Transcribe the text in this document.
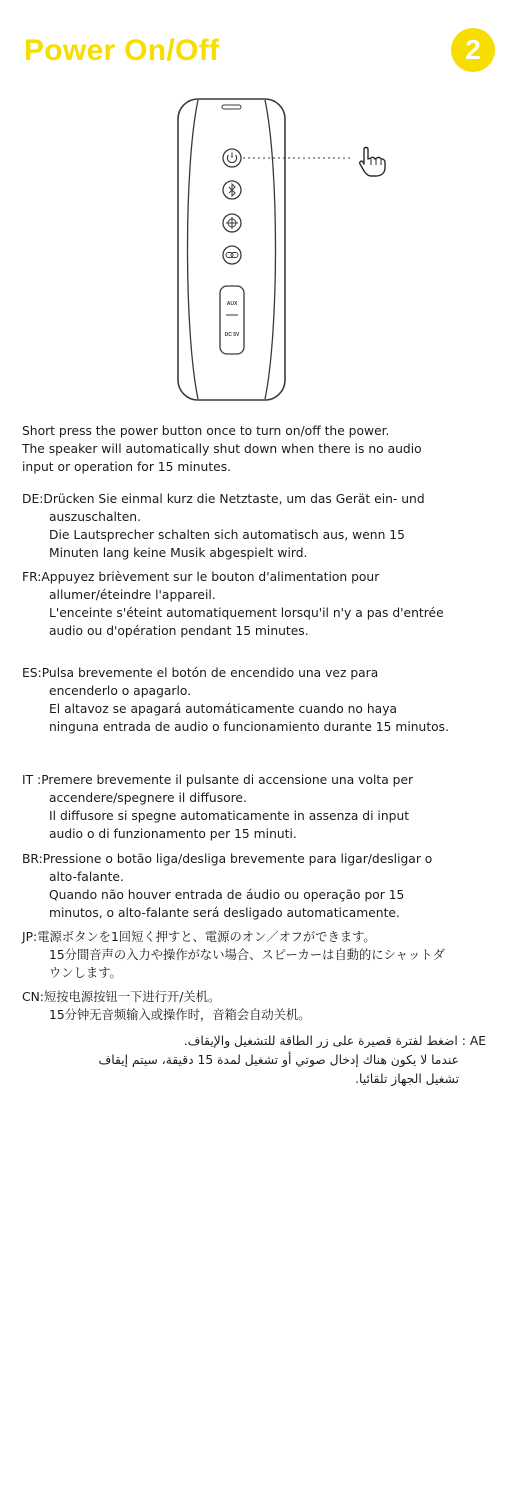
Power On/Off	2
AUX
DC 5V
Short press the power button once to turn on/off the power.
The speaker will automatically shut down when there is no audio
input or operation for 15 minutes.
DE: Drücken Sie einmal kurz die Netztaste, um das Gerät ein- und
auszuschalten.
Die Lautsprecher schalten sich automatisch aus, wenn 15
Minuten lang keine Musik abgespielt wird.
FR: Appuyez brièvement sur le bouton d'alimentation pour
allumer/éteindre l'appareil.
L'enceinte s'éteint automatiquement lorsqu'il n'y a pas d'entrée
audio ou d'opération pendant 15 minutes.
ES: Pulsa brevemente el botón de encendido una vez para
encenderlo o apagarlo.
El altavoz se apagará automáticamente cuando no haya
ninguna entrada de audio o funcionamiento durante 15 minutos.
IT : Premere brevemente il pulsante di accensione una volta per
accendere/spegnere il diffusore.
Il diffusore si spegne automaticamente in assenza di input
audio o di funzionamento per 15 minuti.
BR: Pressione o botão liga/desliga brevemente para ligar/desligar o
alto-falante.
Quando não houver entrada de áudio ou operação por 15
minutos, o alto-falante será desligado automaticamente.
JP: 電源ボタンを1回短く押すと、電源のオン／オフができます。
15分間音声の入力や操作がない場合、スピーカーは自動的にシャットダ
ウンします。
CN: 短按电源按钮一下进行开/关机。
15分钟无音频输入或操作时，音箱会自动关机。
AE : اضغط لفترة قصيرة على زر الطاقة للتشغيل والإيقاف.
عندما لا يكون هناك إدخال صوتي أو تشغيل لمدة 15 دقيقة، سيتم إيقاف
تشغيل الجهاز تلقائيا.
